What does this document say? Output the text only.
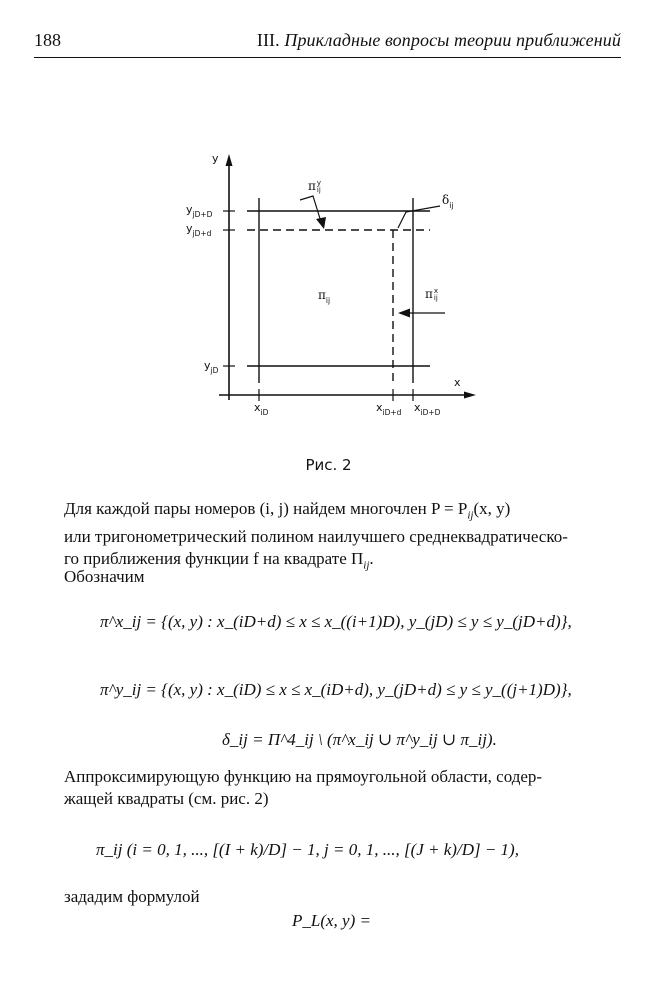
188	III. Прикладные вопросы теории приближений
y
x
$y_{jD+D}$
$y_{jD+d}$
$y_{jD}$
$x_{iD}$	$x_{iD+d}$ $x_{iD+D}$
π y
ij
$\pi_{ij}$	π x
ij
$\delta_{ij}$
Рис. 2
Для каждой пары номеров (i, j) найдем многочлен $P = P_{ij}(x$, y)
или тригонометрический полином наилучшего среднеквадратическо-
го приближения функции f на квадрате $\Pi_{ij}$.
Обозначим
π^x_ij = {(x, y) : x_(iD+d) ≤ x ≤ x_((i+1)D), y_(jD) ≤ y ≤ y_(jD+d)},
π^y_ij = {(x, y) : x_(iD) ≤ x ≤ x_(iD+d), y_(jD+d) ≤ y ≤ y_((j+1)D)},
δ_ij = Π^4_ij \ (π^x_ij ∪ π^y_ij ∪ π_ij).
Аппроксимирующую функцию на прямоугольной области, содер-
жащей квадраты (см. рис. 2)
π_ij (i = 0, 1, ..., [(I + k)/D] − 1, j = 0, 1, ..., [(J + k)/D] − 1),
зададим формулой
P_L(x, y) =
